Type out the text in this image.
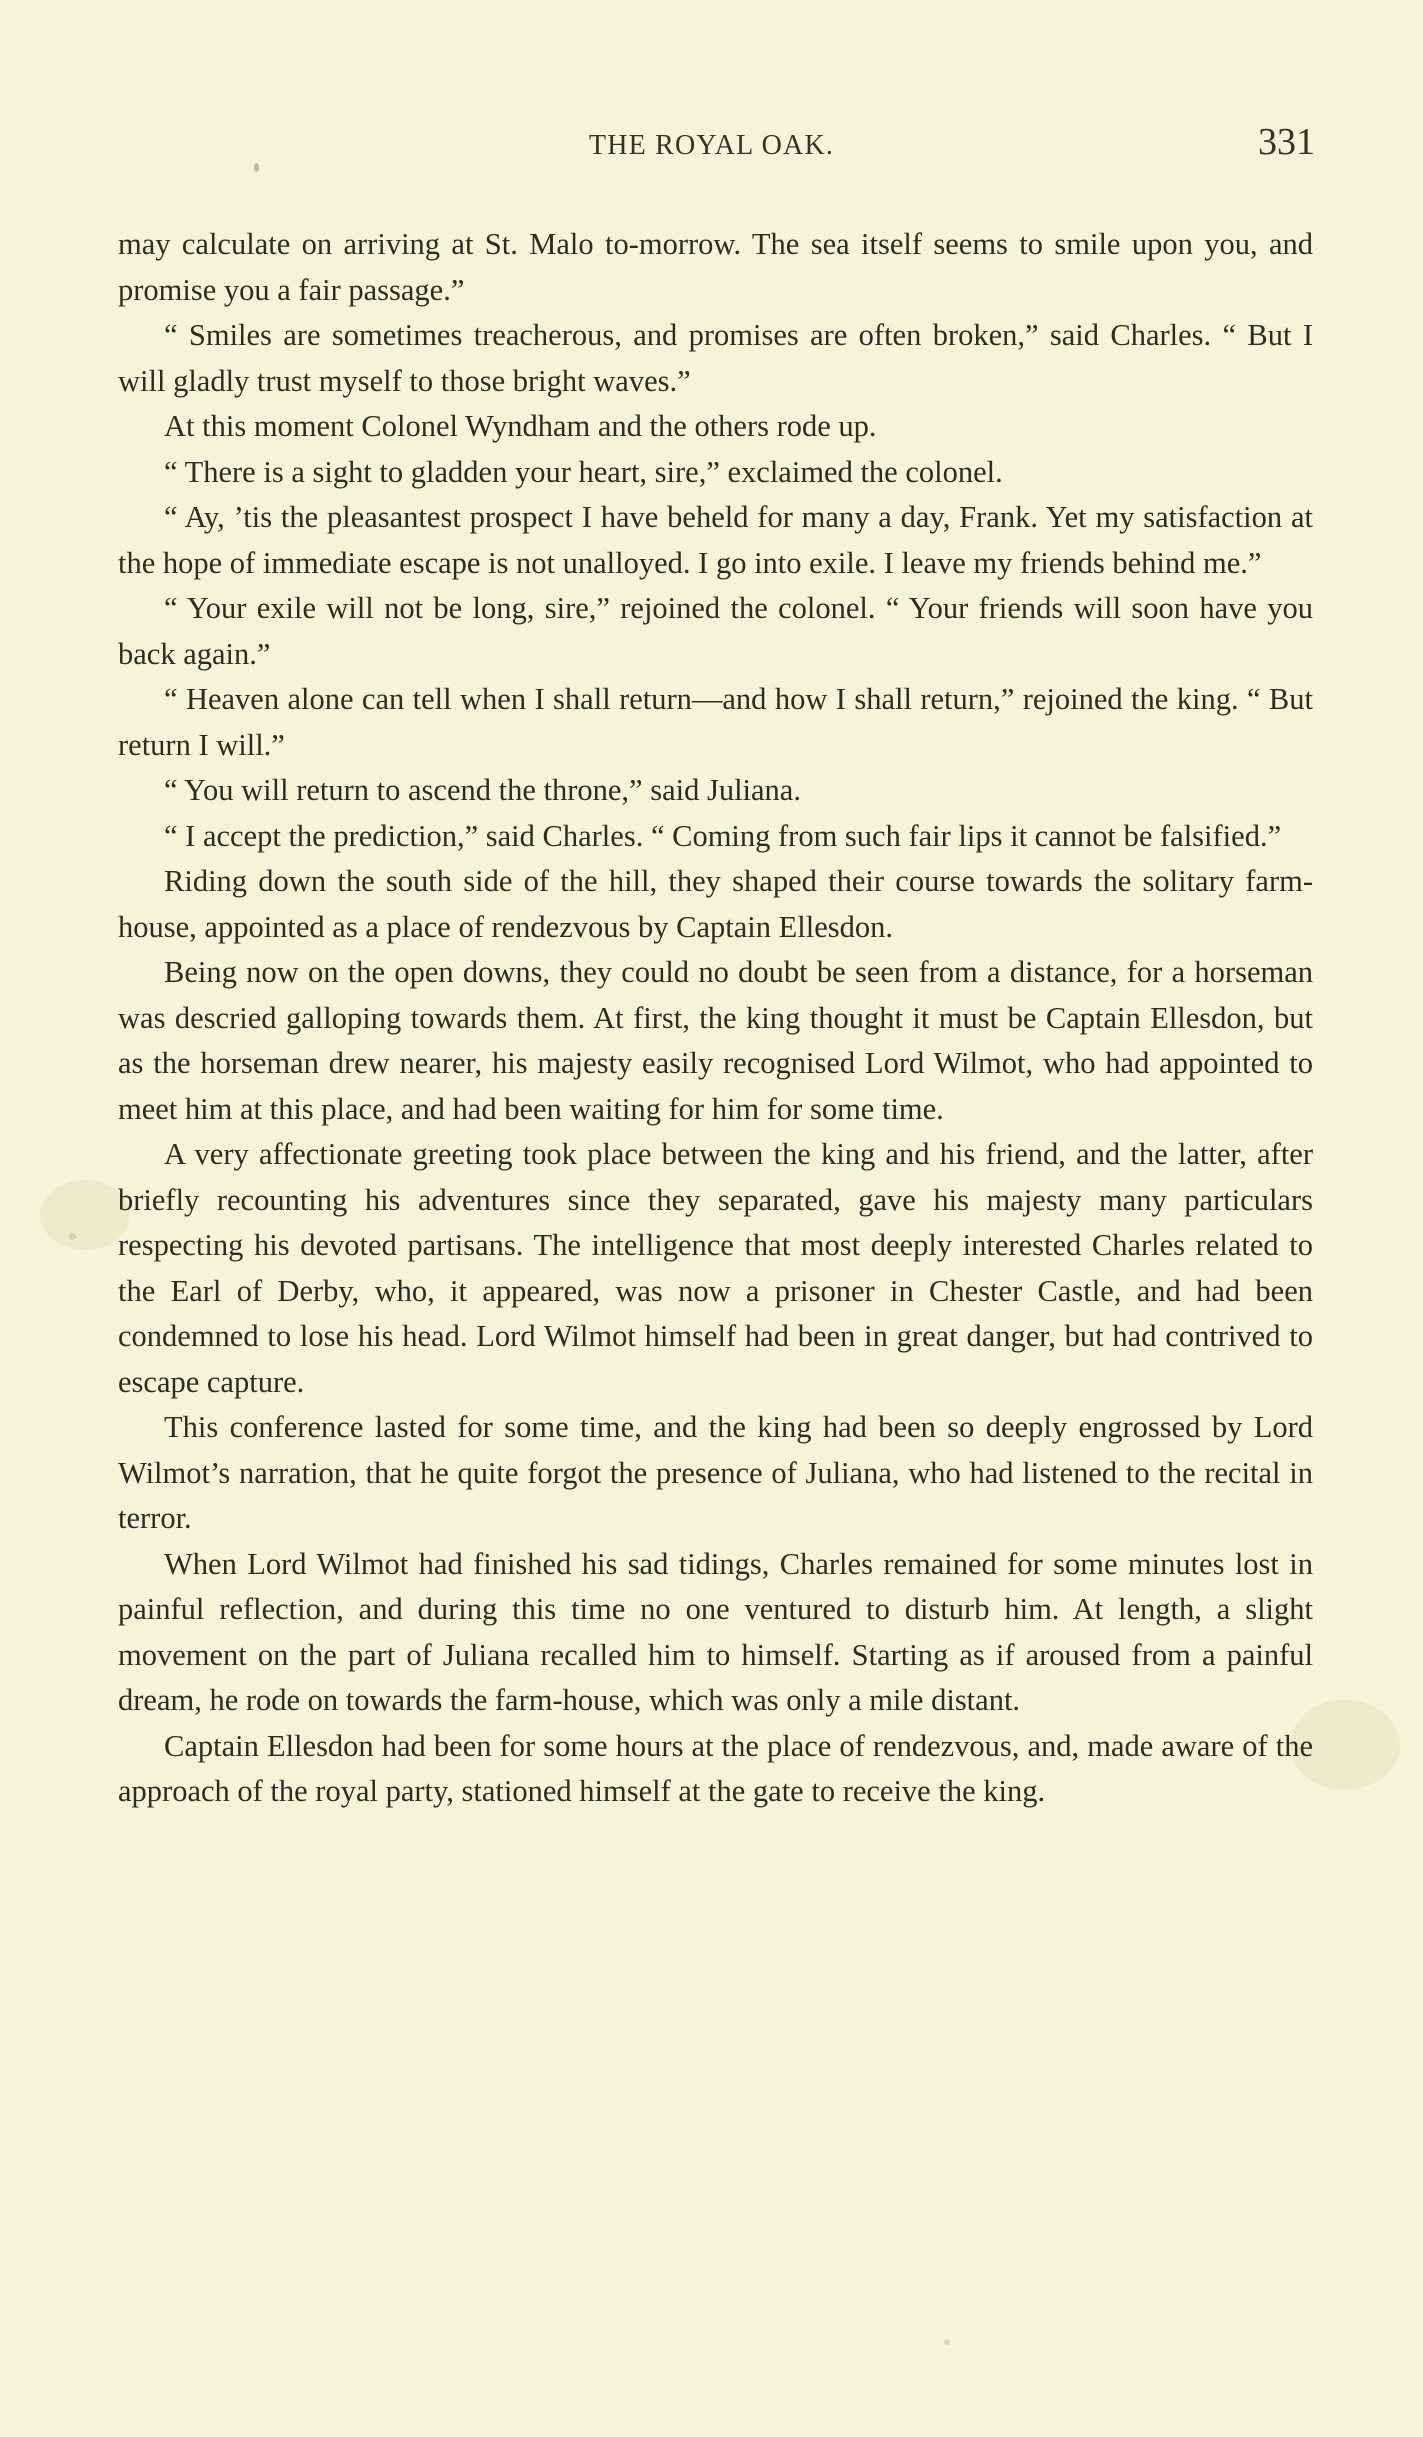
THE ROYAL OAK.	331

may calculate on arriving at St. Malo to-morrow. The sea itself seems to smile upon you, and promise you a fair passage.”

“ Smiles are sometimes treacherous, and promises are often broken,” said Charles. “ But I will gladly trust myself to those bright waves.”

At this moment Colonel Wyndham and the others rode up.

“ There is a sight to gladden your heart, sire,” exclaimed the colonel.

“ Ay, ’tis the pleasantest prospect I have beheld for many a day, Frank. Yet my satisfaction at the hope of immediate escape is not unalloyed. I go into exile. I leave my friends behind me.”

“ Your exile will not be long, sire,” rejoined the colonel. “ Your friends will soon have you back again.”

“ Heaven alone can tell when I shall return—and how I shall return,” rejoined the king. “ But return I will.”

“ You will return to ascend the throne,” said Juliana.

“ I accept the prediction,” said Charles. “ Coming from such fair lips it cannot be falsified.”

Riding down the south side of the hill, they shaped their course towards the solitary farm-house, appointed as a place of rendezvous by Captain Ellesdon.

Being now on the open downs, they could no doubt be seen from a distance, for a horseman was descried galloping towards them. At first, the king thought it must be Captain Ellesdon, but as the horseman drew nearer, his majesty easily recognised Lord Wilmot, who had appointed to meet him at this place, and had been waiting for him for some time.

A very affectionate greeting took place between the king and his friend, and the latter, after briefly recounting his adventures since they separated, gave his majesty many particulars respecting his devoted partisans. The intelligence that most deeply interested Charles related to the Earl of Derby, who, it appeared, was now a prisoner in Chester Castle, and had been condemned to lose his head. Lord Wilmot himself had been in great danger, but had contrived to escape capture.

This conference lasted for some time, and the king had been so deeply engrossed by Lord Wilmot’s narration, that he quite forgot the presence of Juliana, who had listened to the recital in terror.

When Lord Wilmot had finished his sad tidings, Charles remained for some minutes lost in painful reflection, and during this time no one ventured to disturb him. At length, a slight movement on the part of Juliana recalled him to himself. Starting as if aroused from a painful dream, he rode on towards the farm-house, which was only a mile distant.

Captain Ellesdon had been for some hours at the place of rendezvous, and, made aware of the approach of the royal party, stationed himself at the gate to receive the king.
